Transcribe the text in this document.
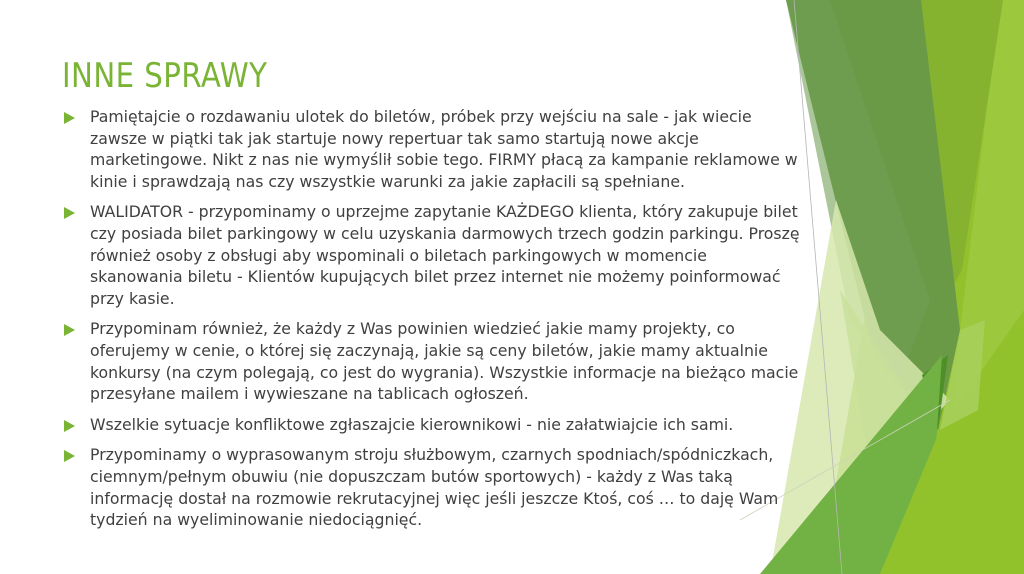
INNE SPRAWY
Pamiętajcie o rozdawaniu ulotek do biletów, próbek przy wejściu na sale - jak wiecie zawsze w piątki tak jak startuje nowy repertuar tak samo startują nowe akcje marketingowe. Nikt z nas nie wymyślił sobie tego. FIRMY płacą za kampanie reklamowe w kinie i sprawdzają nas czy wszystkie warunki za jakie zapłacili są spełniane.
WALIDATOR - przypominamy o uprzejme zapytanie KAŻDEGO klienta, który zakupuje bilet czy posiada bilet parkingowy w celu uzyskania darmowych trzech godzin parkingu. Proszę również osoby z obsługi aby wspominali o biletach parkingowych w momencie skanowania biletu - Klientów kupujących bilet przez internet nie możemy poinformować przy kasie.
Przypominam również, że każdy z Was powinien wiedzieć jakie mamy projekty, co oferujemy w cenie, o której się zaczynają, jakie są ceny biletów, jakie mamy aktualnie konkursy (na czym polegają, co jest do wygrania). Wszystkie informacje na bieżąco macie przesyłane mailem i wywieszane na tablicach ogłoszeń.
Wszelkie sytuacje konfliktowe zgłaszajcie kierownikowi - nie załatwiajcie ich sami.
Przypominamy o wyprasowanym stroju służbowym, czarnych spodniach/spódniczkach, ciemnym/pełnym obuwiu (nie dopuszczam butów sportowych) - każdy z Was taką informację dostał na rozmowie rekrutacyjnej więc jeśli jeszcze Ktoś, coś … to daję Wam tydzień na wyeliminowanie niedociągnięć.
